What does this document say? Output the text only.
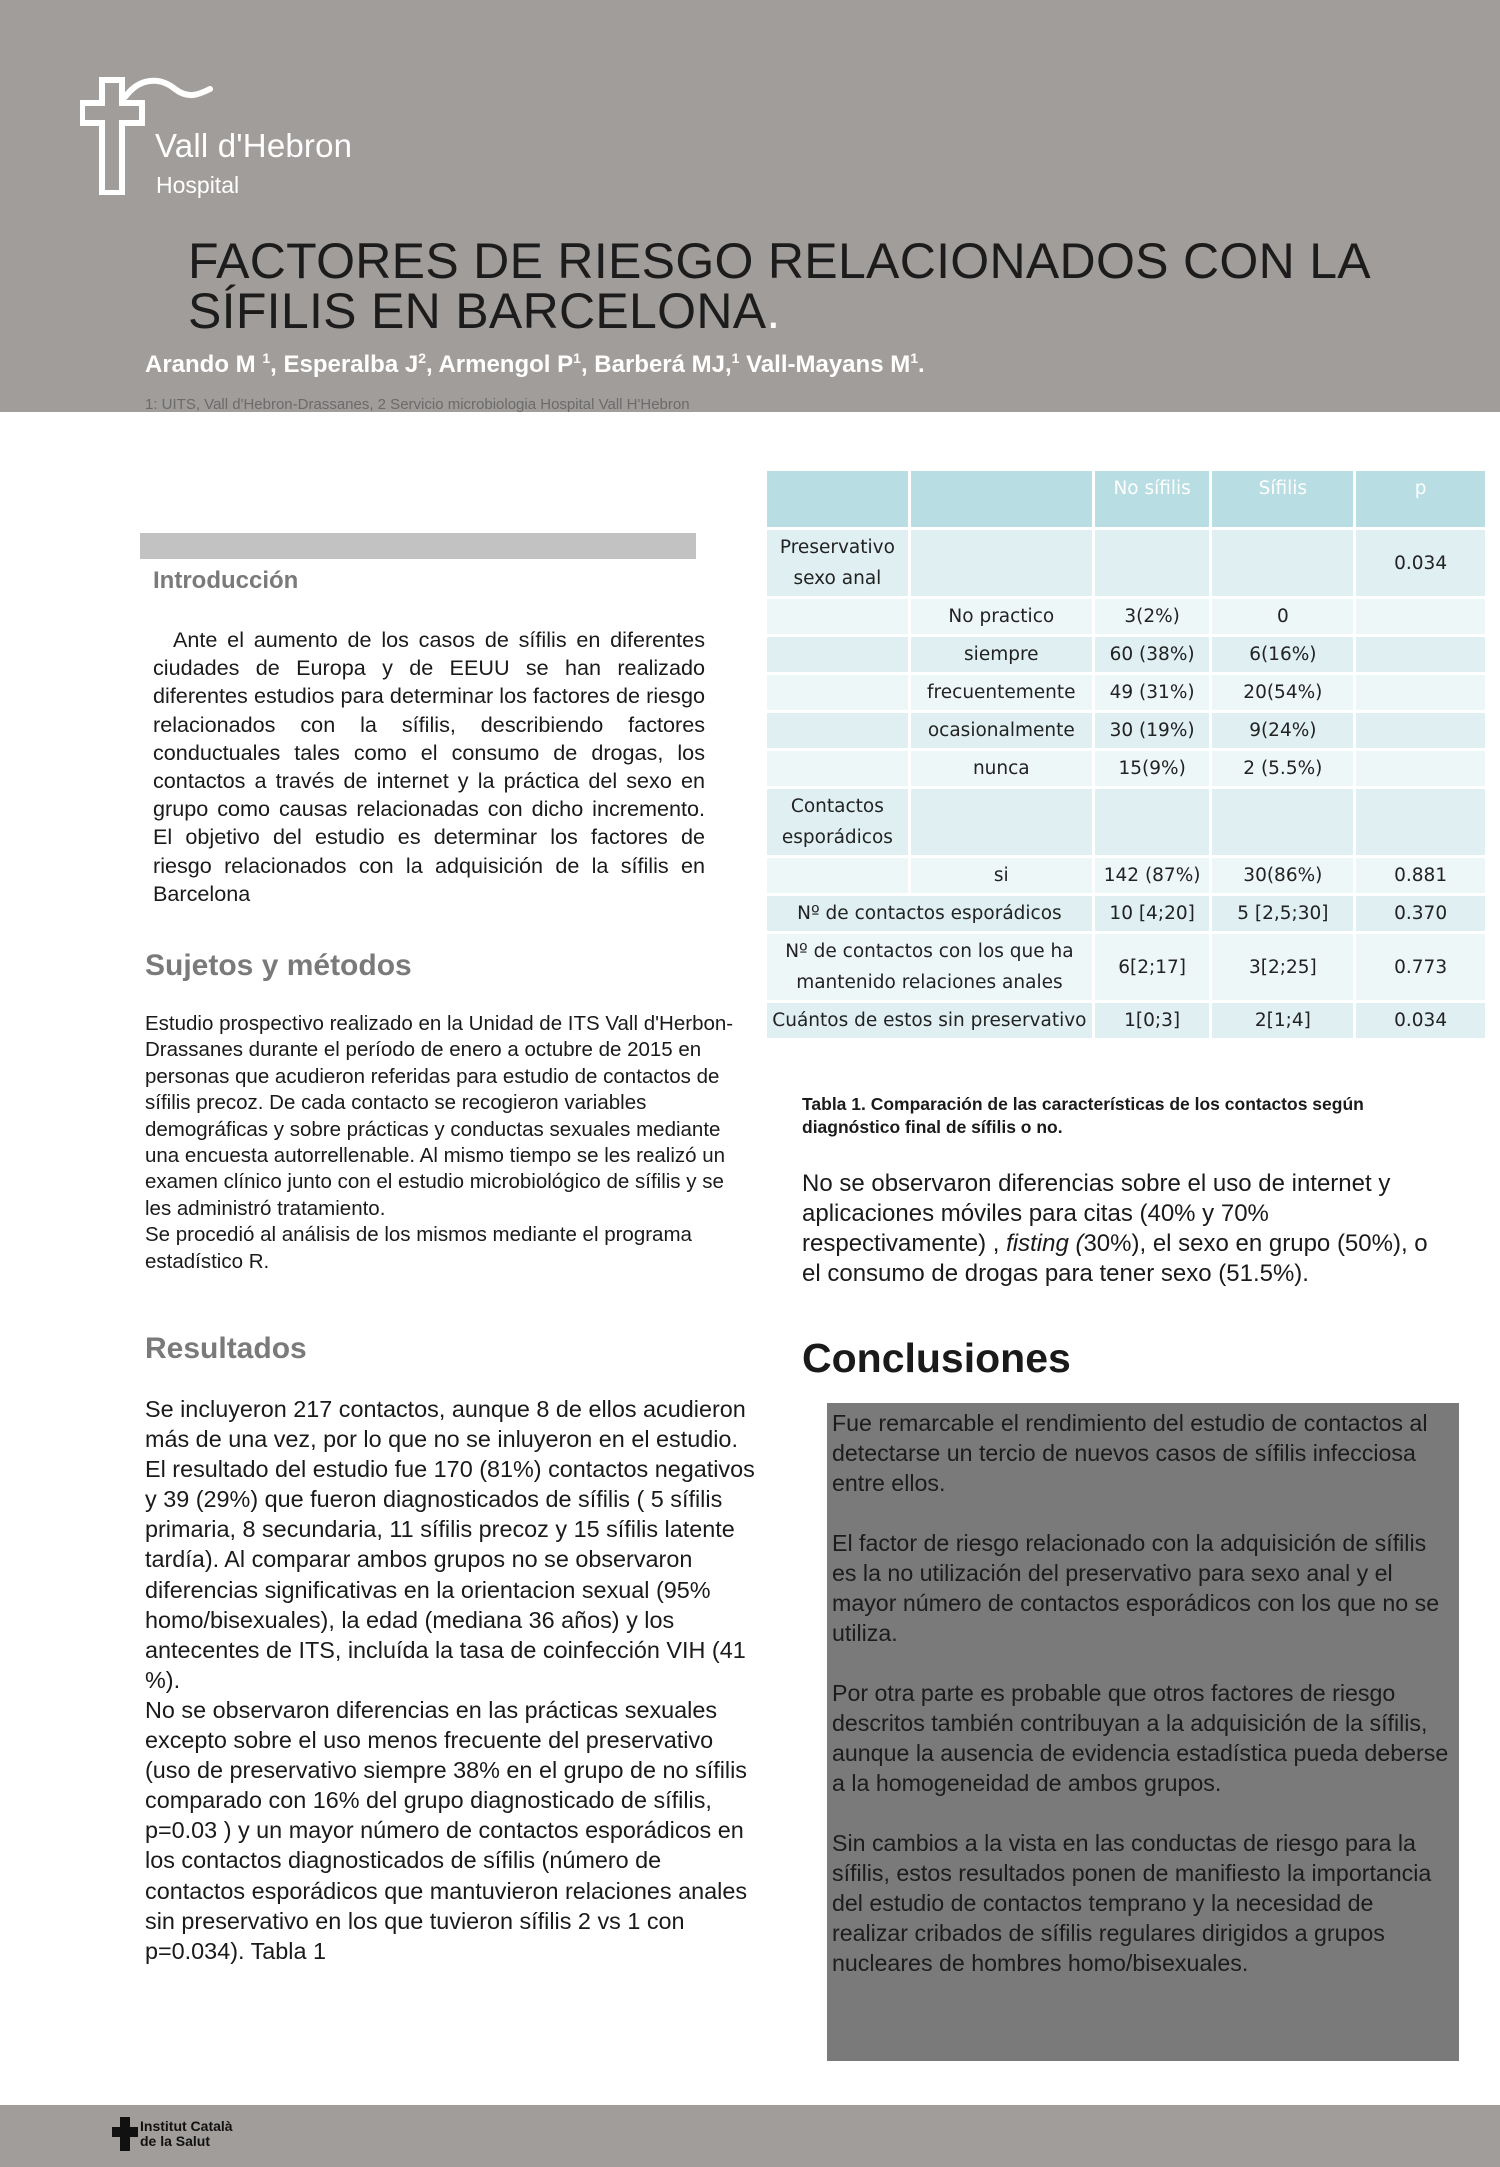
Vall d'Hebron
Hospital
FACTORES DE RIESGO RELACIONADOS CON LA
SÍFILIS EN BARCELONA.
Arando M $^1$, Esperalba $J^2$, Armengol $P^1$, Barberá MJ,$^1$ Vall-Mayans $M^1$.
1: UITS, Vall d'Hebron-Drassanes, 2 Servicio microbiologia Hospital Vall H'Hebron
Introducción

Ante el aumento de los casos de sífilis en diferentes ciudades de Europa y de EEUU se han realizado diferentes estudios para determinar los factores de riesgo relacionados con la sífilis, describiendo factores conductuales tales como el consumo de drogas, los contactos a través de internet y la práctica del sexo en grupo como causas relacionadas con dicho incremento. El objetivo del estudio es determinar los factores de riesgo relacionados con la adquisición de la sífilis en Barcelona

Sujetos y métodos
Estudio prospectivo realizado en la Unidad de ITS Vall d'Herbon-Drassanes durante el período de enero a octubre de 2015 en personas que acudieron referidas para estudio de contactos de sífilis precoz. De cada contacto se recogieron variables demográficas y sobre prácticas y conductas sexuales mediante una encuesta autorrellenable. Al mismo tiempo se les realizó un examen clínico junto con el estudio microbiológico de sífilis y se les administró tratamiento.
Se procedió al análisis de los mismos mediante el programa estadístico R.
Resultados

Se incluyeron 217 contactos, aunque 8 de ellos acudieron más de una vez, por lo que no se inluyeron en el estudio. El resultado del estudio fue 170 (81%) contactos negativos y 39 (29%) que fueron diagnosticados de sífilis ( 5 sífilis primaria, 8 secundaria, 11 sífilis precoz y 15 sífilis latente tardía). Al comparar ambos grupos no se observaron diferencias significativas en la orientacion sexual (95% homo/bisexuales), la edad (mediana 36 años) y los antecentes de ITS, incluída la tasa de coinfección VIH (41 %).
No se observaron diferencias en las prácticas sexuales excepto sobre el uso menos frecuente del preservativo (uso de preservativo siempre 38% en el grupo de no sífilis comparado con 16% del grupo diagnosticado de sífilis, p=0.03 ) y un mayor número de contactos esporádicos en los contactos diagnosticados de sífilis (número de contactos esporádicos que mantuvieron relaciones anales sin preservativo en los que tuvieron sífilis 2 vs 1 con p=0.034). Tabla 1

		No sífilis	Sífilis	p
Preservativo sexo anal				0.034
	No practico	3(2%)	0	
	siempre	60 (38%)	6(16%)	
	frecuentemente	49 (31%)	20(54%)	
	ocasionalmente	30 (19%)	9(24%)	
	nunca	15(9%)	2 (5.5%)	
Contactos esporádicos				
	si	142 (87%)	30(86%)	0.881
Nº de contactos esporádicos		10 [4;20]	5 [2,5;30]	0.370
Nº de contactos con los que ha mantenido relaciones anales		6[2;17]	3[2;25]	0.773
Cuántos de estos sin preservativo		1[0;3]	2[1;4]	0.034

Tabla 1. Comparación de las características de los contactos según diagnóstico final de sífilis o no.

No se observaron diferencias sobre el uso de internet y aplicaciones móviles para citas (40% y 70% respectivamente) , fisting (30%), el sexo en grupo (50%), o el consumo de drogas para tener sexo (51.5%).

Conclusiones

Fue remarcable el rendimiento del estudio de contactos al detectarse un tercio de nuevos casos de sífilis infecciosa entre ellos.

El factor de riesgo relacionado con la adquisición de sífilis es la no utilización del preservativo para sexo anal y el mayor número de contactos esporádicos con los que no se utiliza.

Por otra parte es probable que otros factores de riesgo descritos también contribuyan a la adquisición de la sífilis, aunque la ausencia de evidencia estadística pueda deberse a la homogeneidad de ambos grupos.

Sin cambios a la vista en las conductas de riesgo para la sífilis, estos resultados ponen de manifiesto la importancia del estudio de contactos temprano y la necesidad de realizar cribados de sífilis regulares dirigidos a grupos nucleares de hombres homo/bisexuales.

Institut Català
de la Salut
